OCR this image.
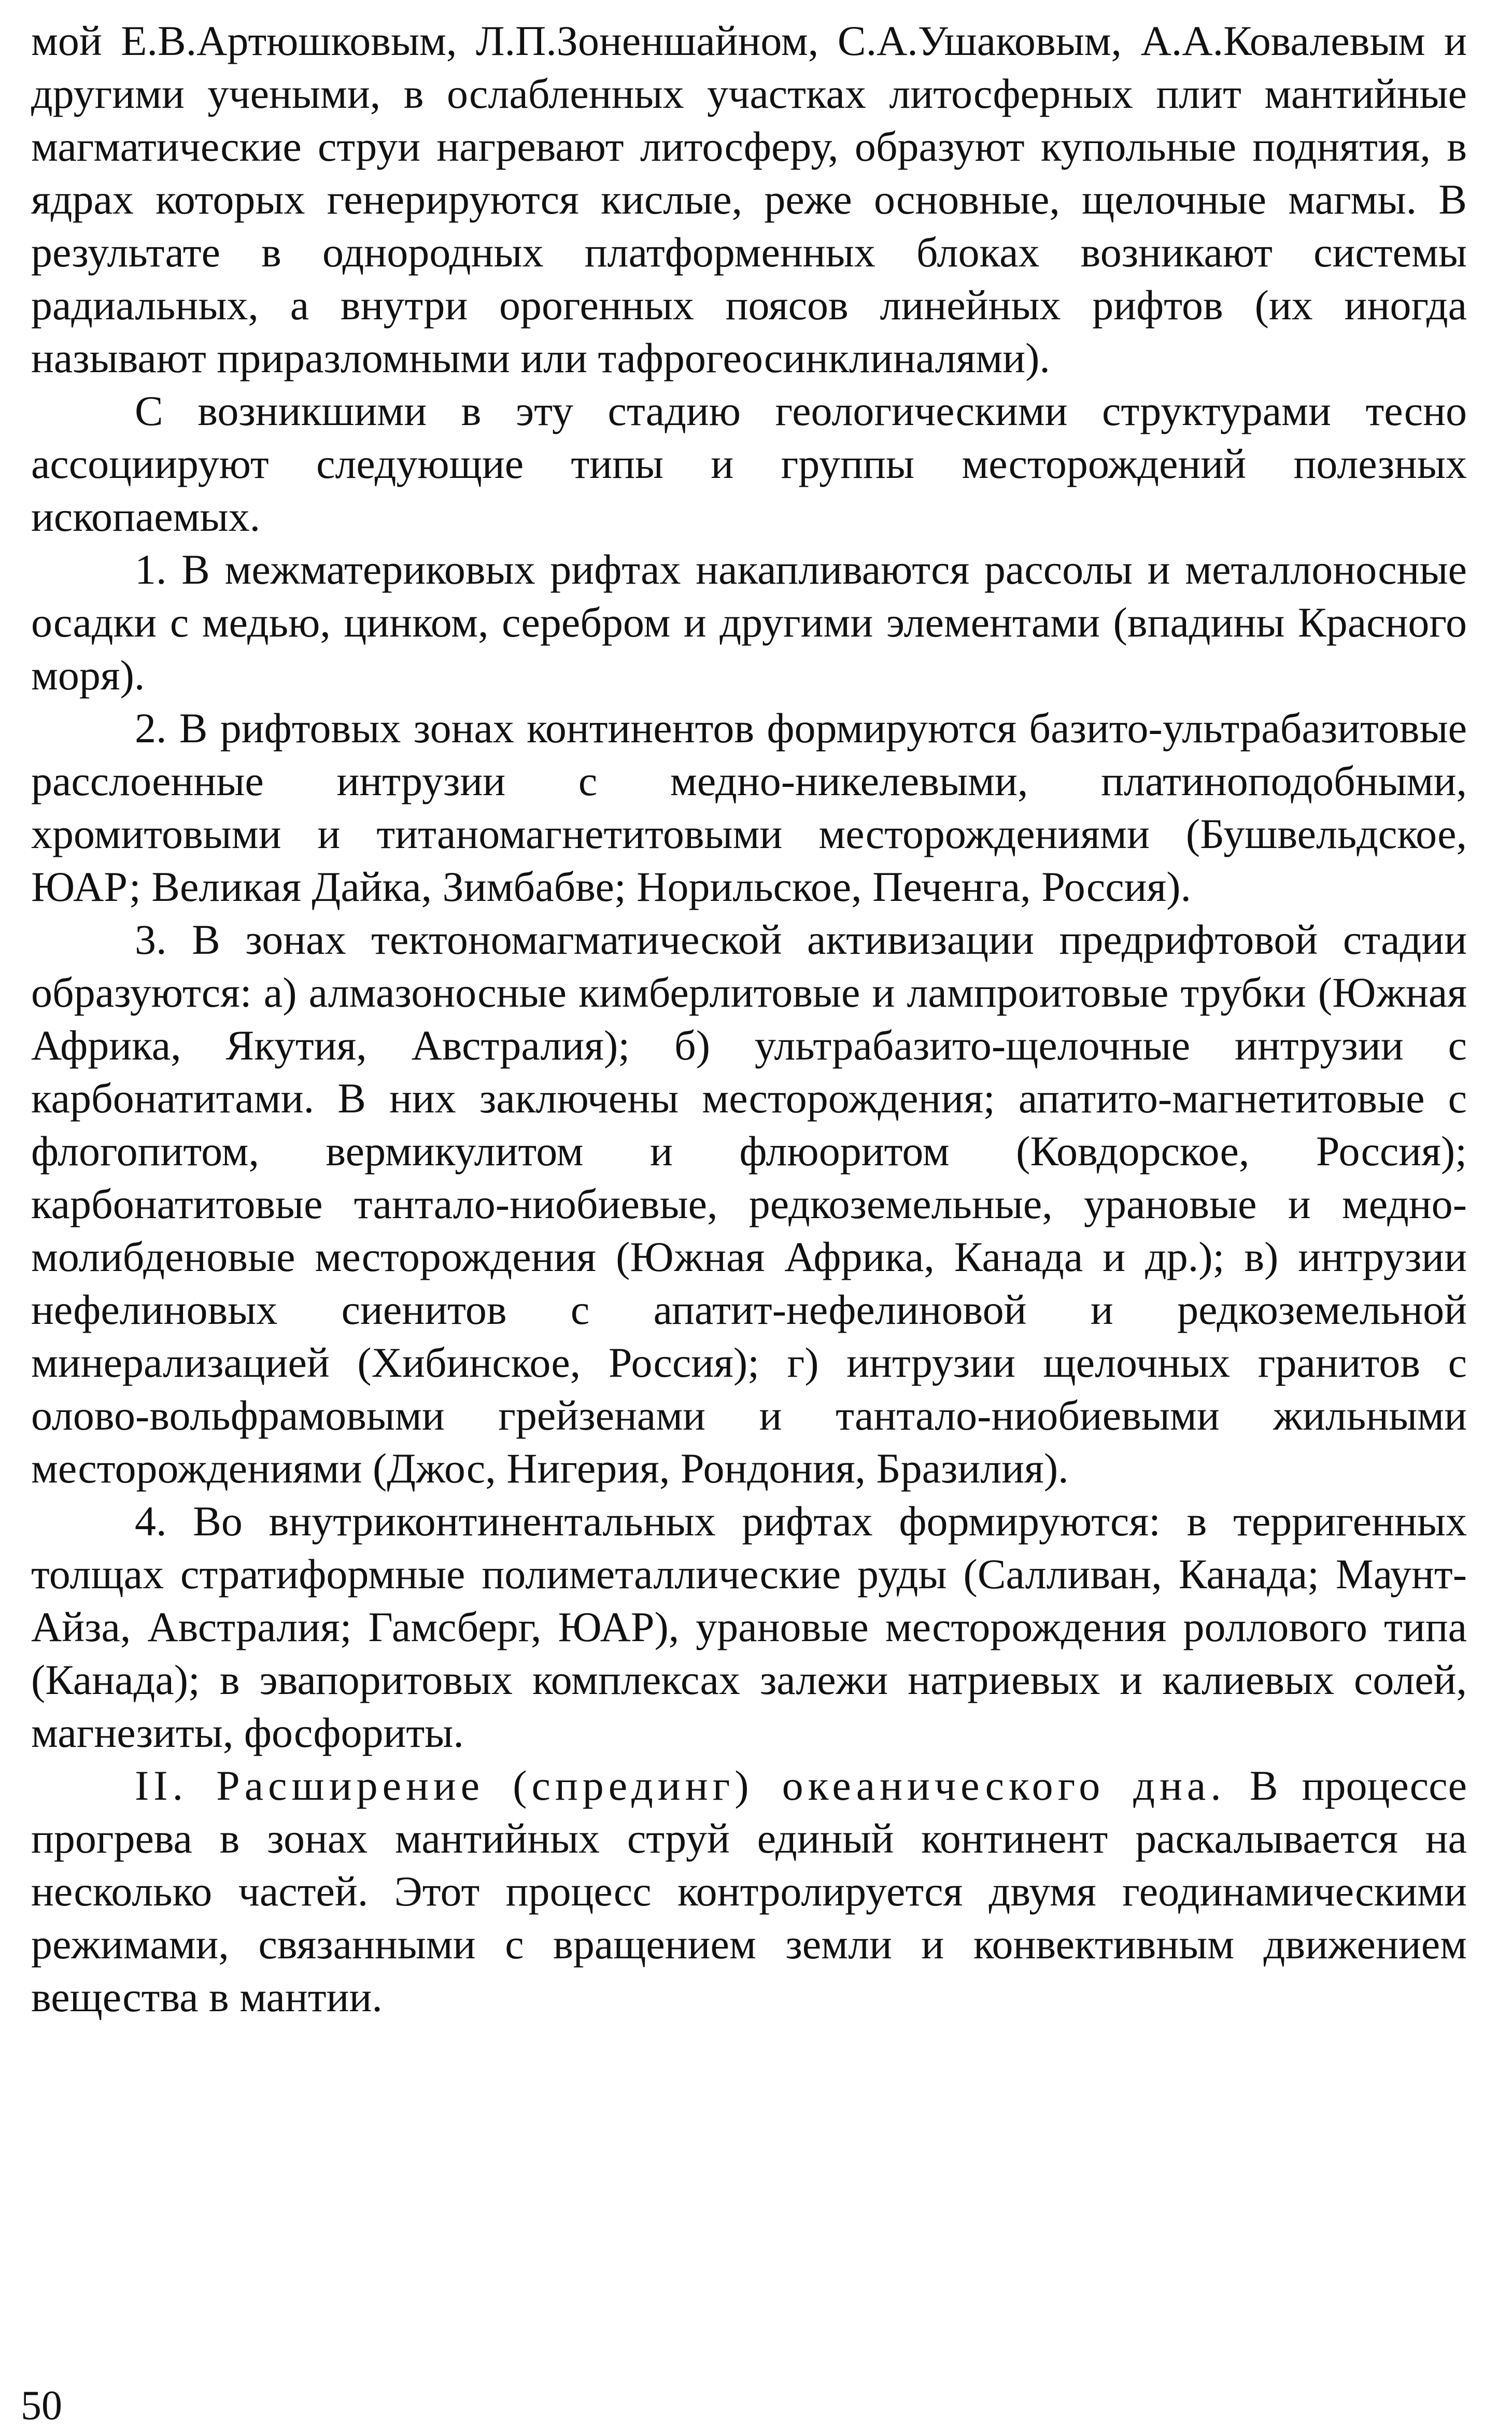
мой Е.В.Артюшковым, Л.П.Зоненшайном, С.А.Ушаковым, А.А.Ковалевым и другими учеными, в ослабленных участках литосферных плит мантийные магматические струи нагревают литосферу, образуют купольные поднятия, в ядрах которых генерируются кислые, реже основные, щелочные магмы. В результате в однородных платформенных блоках возникают системы радиальных, а внутри орогенных поясов линейных рифтов (их иногда называют приразломными или тафрогеосинклиналями).

С возникшими в эту стадию геологическими структурами тесно ассоциируют следующие типы и группы месторождений полезных ископаемых.

1. В межматериковых рифтах накапливаются рассолы и металлоносные осадки с медью, цинком, серебром и другими элементами (впадины Красного моря).

2. В рифтовых зонах континентов формируются базито-ультрабазитовые расслоенные интрузии с медно-никелевыми, платиноподобными, хромитовыми и титаномагнетитовыми месторождениями (Бушвельдское, ЮАР; Великая Дайка, Зимбабве; Норильское, Печенга, Россия).

3. В зонах тектономагматической активизации предрифтовой стадии образуются: а) алмазоносные кимберлитовые и лампроитовые трубки (Южная Африка, Якутия, Австралия); б) ультрабазито-щелочные интрузии с карбонатитами. В них заключены месторождения; апатито-магнетитовые с флогопитом, вермикулитом и флюоритом (Ковдорское, Россия); карбонатитовые тантало-ниобиевые, редкоземельные, урановые и медно-молибденовые месторождения (Южная Африка, Канада и др.); в) интрузии нефелиновых сиенитов с апатит-нефелиновой и редкоземельной минерализацией (Хибинское, Россия); г) интрузии щелочных гранитов с олово-вольфрамовыми грейзенами и тантало-ниобиевыми жильными месторождениями (Джос, Нигерия, Рондония, Бразилия).

4. Во внутриконтинентальных рифтах формируются: в терригенных толщах стратиформные полиметаллические руды (Салливан, Канада; Маунт-Айза, Австралия; Гамсберг, ЮАР), урановые месторождения роллового типа (Канада); в эвапоритовых комплексах залежи натриевых и калиевых солей, магнезиты, фосфориты.

II. Расширение (спрединг) океанического дна. В процессе прогрева в зонах мантийных струй единый континент раскалывается на несколько частей. Этот процесс контролируется двумя геодинамическими режимами, связанными с вращением земли и конвективным движением вещества в мантии.

50
